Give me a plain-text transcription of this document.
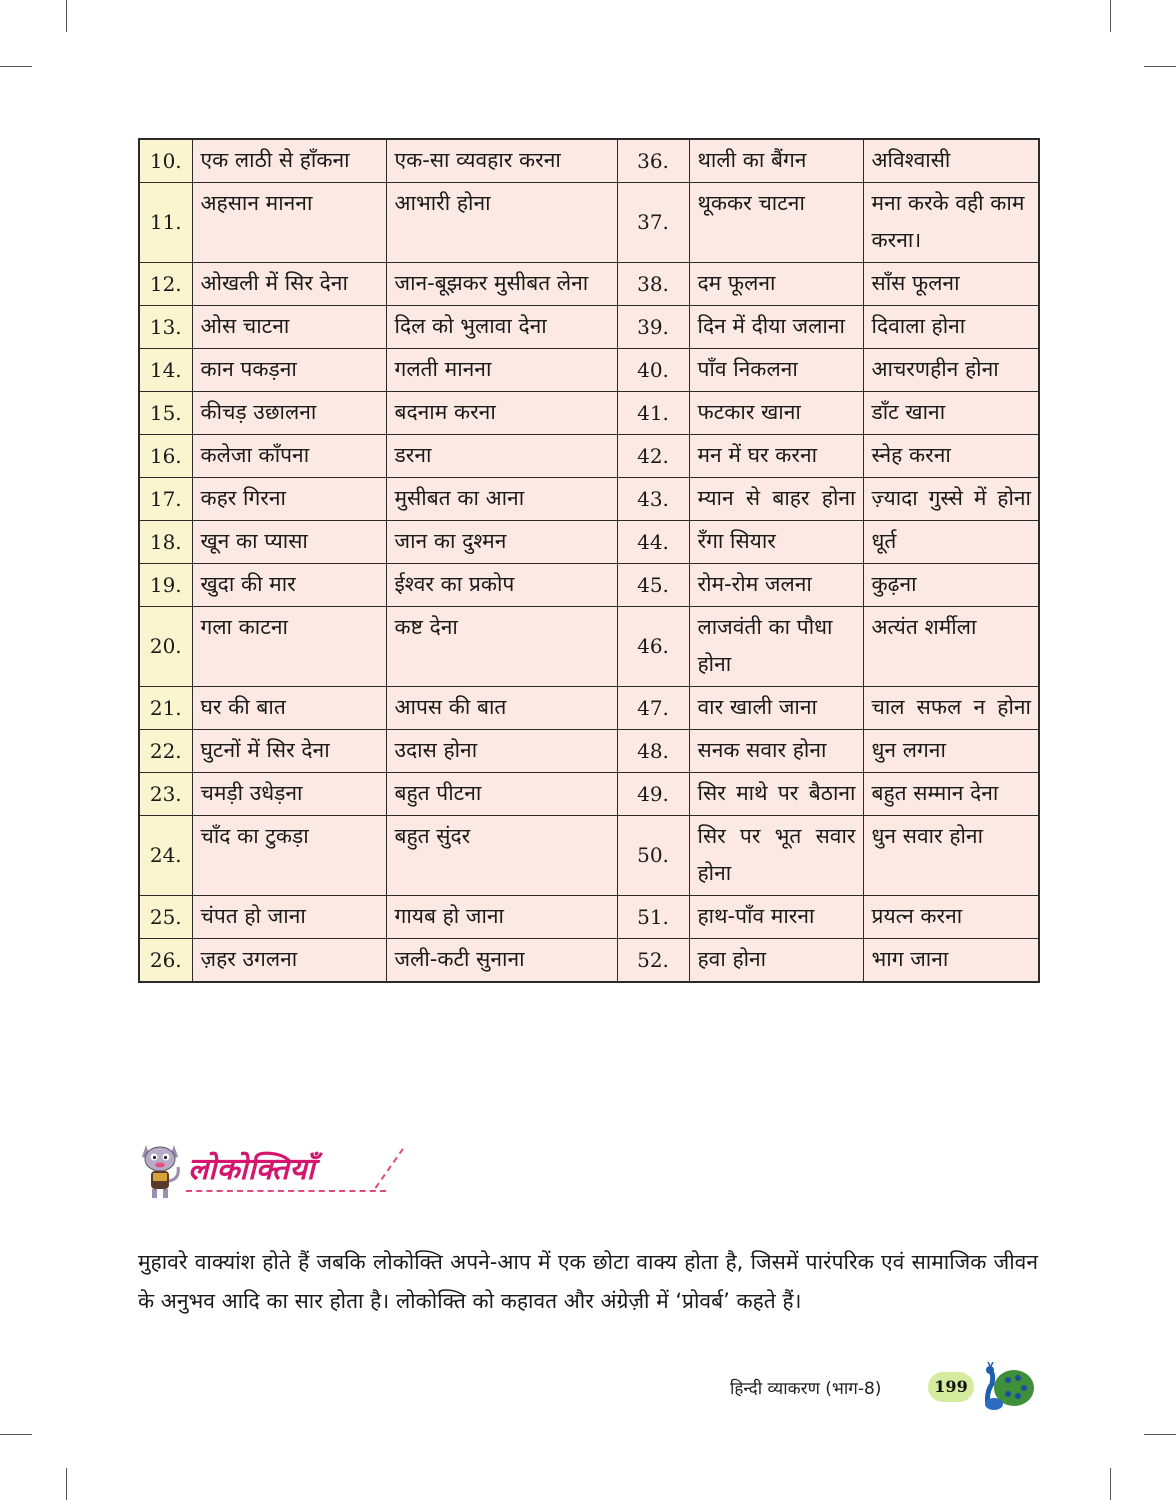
10.	एक लाठी से हाँकना	एक-सा व्यवहार करना	36.	थाली का बैंगन	अविश्वासी
11.	अहसान मानना	आभारी होना	37.	थूककर चाटना	मना करके वही काम करना।
12.	ओखली में सिर देना	जान-बूझकर मुसीबत लेना	38.	दम फूलना	साँस फूलना
13.	ओस चाटना	दिल को भुलावा देना	39.	दिन में दीया जलाना	दिवाला होना
14.	कान पकड़ना	गलती मानना	40.	पाँव निकलना	आचरणहीन होना
15.	कीचड़ उछालना	बदनाम करना	41.	फटकार खाना	डाँट खाना
16.	कलेजा काँपना	डरना	42.	मन में घर करना	स्नेह करना
17.	कहर गिरना	मुसीबत का आना	43.	म्यान से बाहर होना	ज़्यादा गुस्से में होना
18.	खून का प्यासा	जान का दुश्मन	44.	रँगा सियार	धूर्त
19.	खुदा की मार	ईश्वर का प्रकोप	45.	रोम-रोम जलना	कुढ़ना
20.	गला काटना	कष्ट देना	46.	लाजवंती का पौधा होना	अत्यंत शर्मीला
21.	घर की बात	आपस की बात	47.	वार खाली जाना	चाल सफल न होना
22.	घुटनों में सिर देना	उदास होना	48.	सनक सवार होना	धुन लगना
23.	चमड़ी उधेड़ना	बहुत पीटना	49.	सिर माथे पर बैठाना	बहुत सम्मान देना
24.	चाँद का टुकड़ा	बहुत सुंदर	50.	सिर पर भूत सवार होना	धुन सवार होना
25.	चंपत हो जाना	गायब हो जाना	51.	हाथ-पाँव मारना	प्रयत्न करना
26.	ज़हर उगलना	जली-कटी सुनाना	52.	हवा होना	भाग जाना
लोकोक्तियाँ

मुहावरे वाक्यांश होते हैं जबकि लोकोक्ति अपने-आप में एक छोटा वाक्य होता है, जिसमें पारंपरिक एवं सामाजिक जीवन के अनुभव आदि का सार होता है। लोकोक्ति को कहावत और अंग्रेज़ी में ‘प्रोवर्ब’ कहते हैं।

हिन्दी व्याकरण (भाग-8)	199
